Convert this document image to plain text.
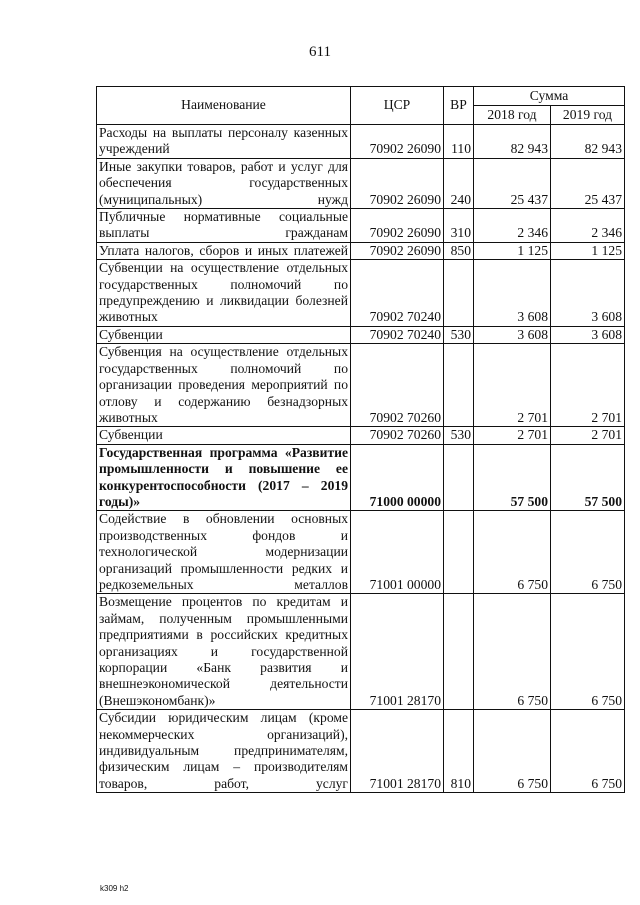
611
Наименование	ЦСР	ВР	Сумма	
			2018 год	2019 год
Расходы на выплаты персоналу казенных учреждений	70902 26090	110	82 943	82 943
Иные закупки товаров, работ и услуг для обеспечения государственных (муниципальных) нужд	70902 26090	240	25 437	25 437
Публичные нормативные социальные выплаты гражданам	70902 26090	310	2 346	2 346
Уплата налогов, сборов и иных платежей	70902 26090	850	1 125	1 125
Субвенции на осуществление отдельных государственных полномочий по предупреждению и ликвидации болезней животных	70902 70240		3 608	3 608
Субвенции	70902 70240	530	3 608	3 608
Субвенция на осуществление отдельных государственных полномочий по организации проведения мероприятий по отлову и содержанию безнадзорных животных	70902 70260		2 701	2 701
Субвенции	70902 70260	530	2 701	2 701
Государственная программа «Развитие промышленности и повышение ее конкурентоспособности (2017 – 2019 годы)»	71000 00000		57 500	57 500
Содействие в обновлении основных производственных фондов и технологической модернизации организаций промышленности редких и редкоземельных металлов	71001 00000		6 750	6 750
Возмещение процентов по кредитам и займам, полученным промышленными предприятиями в российских кредитных организациях и государственной корпорации «Банк развития и внешнеэкономической деятельности (Внешэкономбанк)»	71001 28170		6 750	6 750
Субсидии юридическим лицам (кроме некоммерческих организаций), индивидуальным предпринимателям, физическим лицам – производителям товаров, работ, услуг	71001 28170	810	6 750	6 750
k309 h2
